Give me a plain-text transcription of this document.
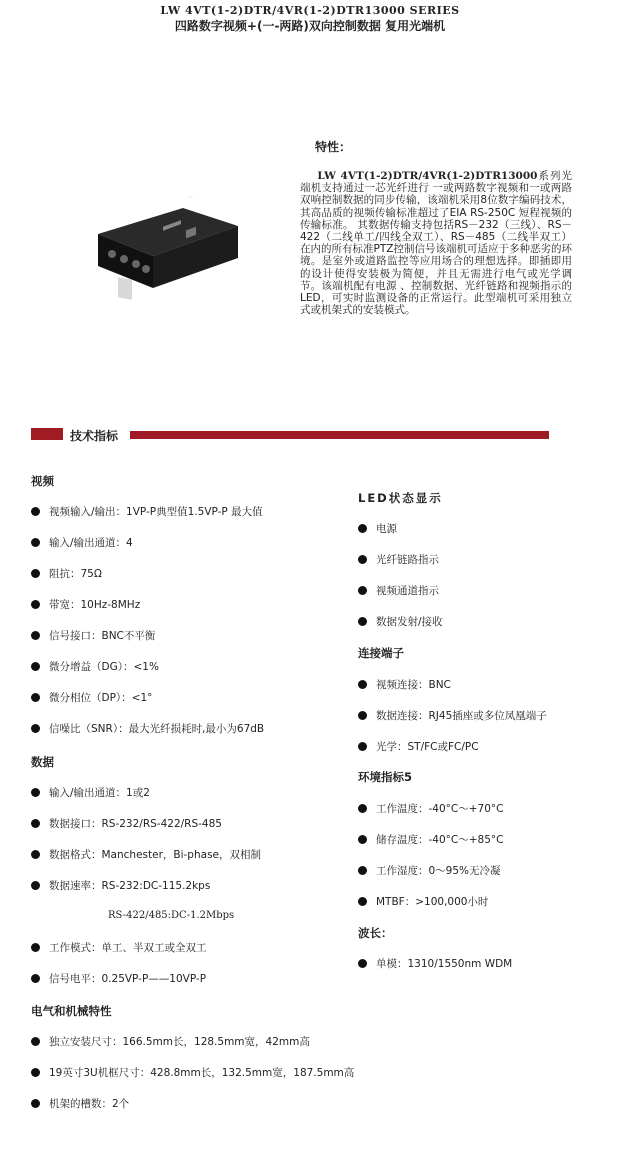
LW 4VT(1-2)DTR/4VR(1-2)DTR13000 SERIES
四路数字视频+(一-两路)双向控制数据 复用光端机
特性：
LW 4VT(1-2)DTR/4VR(1-2)DTR13000系列光端机支持通过一芯光纤进行 一或两路数字视频和一或两路双响控制数据的同步传输，该端机采用8位数字编码技术，其高品质的视频传输标准超过了EIA RS-250C 短程视频的传输标准。 其数据传输支持包括RS－232（三线）、RS－422（二线单工/四线全双工）、RS－485（二线半双工）在内的所有标准PTZ控制信号该端机可适应于多种恶劣的环境。是室外或道路监控等应用场合的理想选择。即插即用的设计使得安装极为简便，并且无需进行电气或光学调节。该端机配有电源 、控制数据、光纤链路和视频指示的 LED，可实时监测设备的正常运行。此型端机可采用独立式或机架式的安装模式。
技术指标
视频
视频输入/输出：1VP-P典型值1.5VP-P 最大值
输入/输出通道：4
阻抗：75Ω
带宽：10Hz-8MHz
信号接口：BNC不平衡
微分增益（DG）：<1%
微分相位（DP）：<1°
信噪比（SNR）：最大光纤损耗时,最小为67dB
数据
输入/输出通道：1或2
数据接口：RS-232/RS-422/RS-485
数据格式：Manchester，Bi-phase，双相制
数据速率：RS-232:DC-115.2kps
RS-422/485:DC-1.2Mbps
工作模式：单工、半双工或全双工
信号电平：0.25VP-P——10VP-P
电气和机械特性
独立安装尺寸：166.5mm长，128.5mm宽，42mm高
19英寸3U机框尺寸：428.8mm长，132.5mm宽，187.5mm高
机架的槽数：2个
LED状态显示
电源
光纤链路指示
视频通道指示
数据发射/接收
连接端子
视频连接：BNC
数据连接：RJ45插座或多位凤凰端子
光学：ST/FC或FC/PC
环境指标5
工作温度：-40°C～+70°C
储存温度：-40°C～+85°C
工作湿度：0～95%无冷凝
MTBF：>100,000小时
波长：
单模：1310/1550nm WDM
